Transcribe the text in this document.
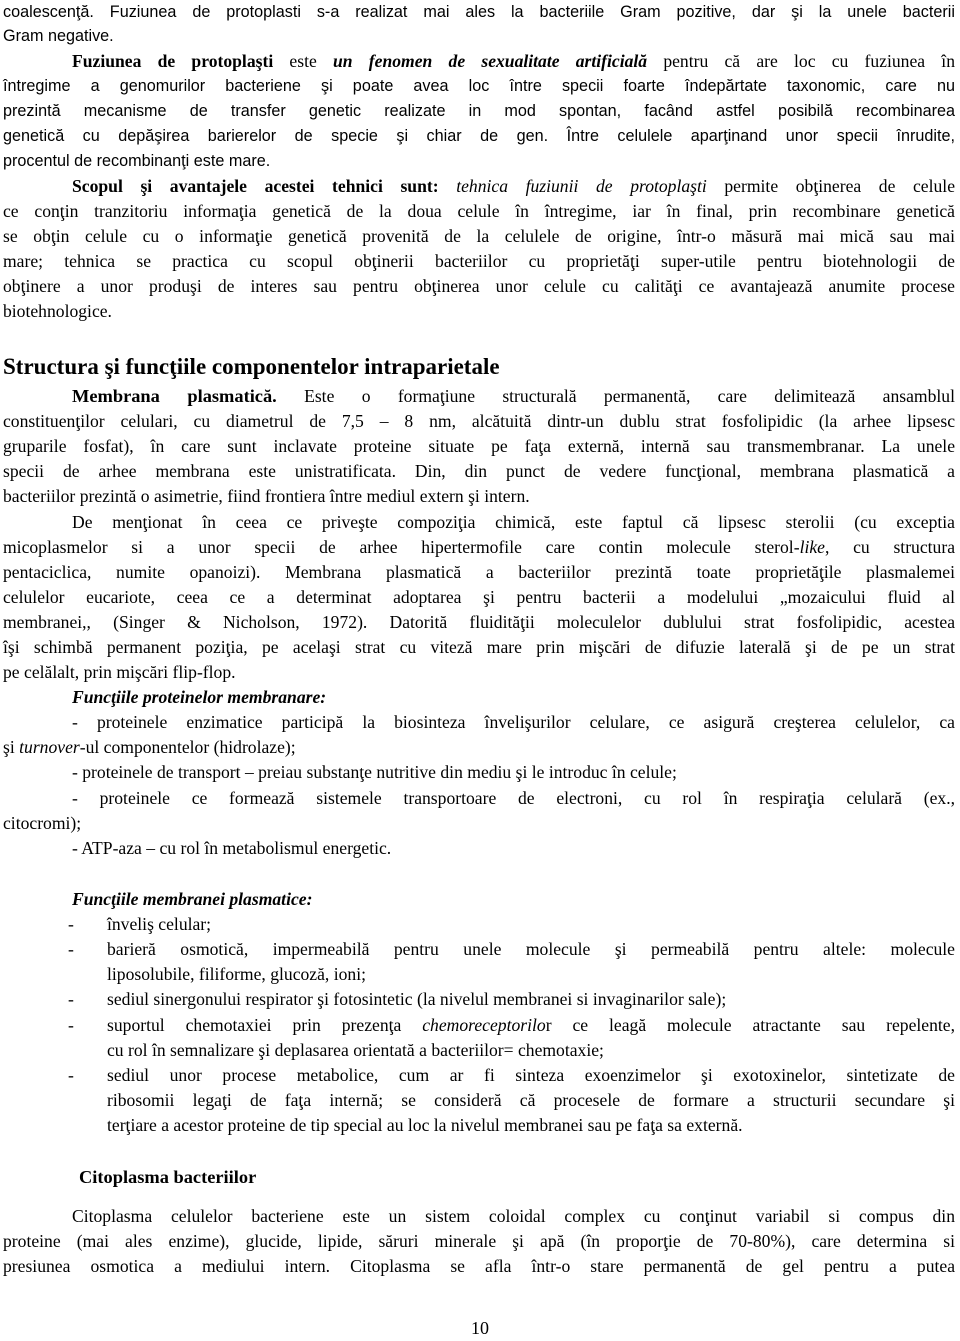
coalescenţă. Fuziunea de protoplasti s-a realizat mai ales la bacteriile Gram pozitive, dar şi la unele bacterii
Gram negative.
Fuziunea de protoplaşti este un fenomen de sexualitate artificială pentru că are loc cu fuziunea în
întregime a genomurilor bacteriene şi poate avea loc între specii foarte îndepărtate taxonomic, care nu
prezintă mecanisme de transfer genetic realizate in mod spontan, facând astfel posibilă recombinarea
genetică cu depăşirea barierelor de specie şi chiar de gen. Între celulele aparţinand unor specii înrudite,
procentul de recombinanţi este mare.
Scopul şi avantajele acestei tehnici sunt: tehnica fuziunii de protoplaşti permite obţinerea de celule
ce conţin tranzitoriu informaţia genetică de la doua celule în întregime, iar în final, prin recombinare genetică
se obţin celule cu o informaţie genetică provenită de la celulele de origine, într-o măsură mai mică sau mai
mare; tehnica se practica cu scopul obţinerii bacteriilor cu proprietăţi super-utile pentru biotehnologii de
obţinere a unor produşi de interes sau pentru obţinerea unor celule cu calităţi ce avantajează anumite procese
biotehnologice.
Structura şi funcţiile componentelor intraparietale
Membrana plasmatică. Este o formaţiune structurală permanentă, care delimitează ansamblul
constituenţilor celulari, cu diametrul de 7,5 – 8 nm, alcătuită dintr-un dublu strat fosfolipidic (la arhee lipsesc
gruparile fosfat), în care sunt inclavate proteine situate pe faţa externă, internă sau transmembranar. La unele
specii de arhee membrana este unistratificata. Din, din punct de vedere funcţional, membrana plasmatică a
bacteriilor prezintă o asimetrie, fiind frontiera între mediul extern şi intern.
De menţionat în ceea ce priveşte compoziţia chimică, este faptul că lipsesc sterolii (cu exceptia
micoplasmelor si a unor specii de arhee hipertermofile care contin molecule sterol-like, cu structura
pentaciclica, numite opanoizi). Membrana plasmatică a bacteriilor prezintă toate proprietăţile plasmalemei
celulelor eucariote, ceea ce a determinat adoptarea şi pentru bacterii a modelului „mozaicului fluid al
membranei,, (Singer & Nicholson, 1972). Datorită fluidităţii moleculelor dublului strat fosfolipidic, acestea
îşi schimbă permanent poziţia, pe acelaşi strat cu viteză mare prin mişcări de difuzie laterală şi de pe un strat
pe celălalt, prin mişcări flip-flop.
Funcţiile proteinelor membranare:
- proteinele enzimatice participă la biosinteza învelişurilor celulare, ce asigură creşterea celulelor, ca
şi turnover-ul componentelor (hidrolaze);
- proteinele de transport – preiau substanţe nutritive din mediu şi le introduc în celule;
- proteinele ce formează sistemele transportoare de electroni, cu rol în respiraţia celulară (ex.,
citocromi);
- ATP-aza – cu rol în metabolismul energetic.
Funcţiile membranei plasmatice:
- înveliş celular;
- barieră osmotică, impermeabilă pentru unele molecule şi permeabilă pentru altele: molecule
liposolubile, filiforme, glucoză, ioni;
- sediul sinergonului respirator şi fotosintetic (la nivelul membranei si invaginarilor sale);
- suportul chemotaxiei prin prezenţa chemoreceptorilor ce leagă molecule atractante sau repelente,
cu rol în semnalizare şi deplasarea orientată a bacteriilor= chemotaxie;
- sediul unor procese metabolice, cum ar fi sinteza exoenzimelor şi exotoxinelor, sintetizate de
ribosomii legaţi de faţa internă; se consideră că procesele de formare a structurii secundare şi
terţiare a acestor proteine de tip special au loc la nivelul membranei sau pe faţa sa externă.
Citoplasma bacteriilor
Citoplasma celulelor bacteriene este un sistem coloidal complex cu conţinut variabil si compus din
proteine (mai ales enzime), glucide, lipide, săruri minerale şi apă (în proporţie de 70-80%), care determina si
presiunea osmotica a mediului intern. Citoplasma se afla într-o stare permanentă de gel pentru a putea
10
